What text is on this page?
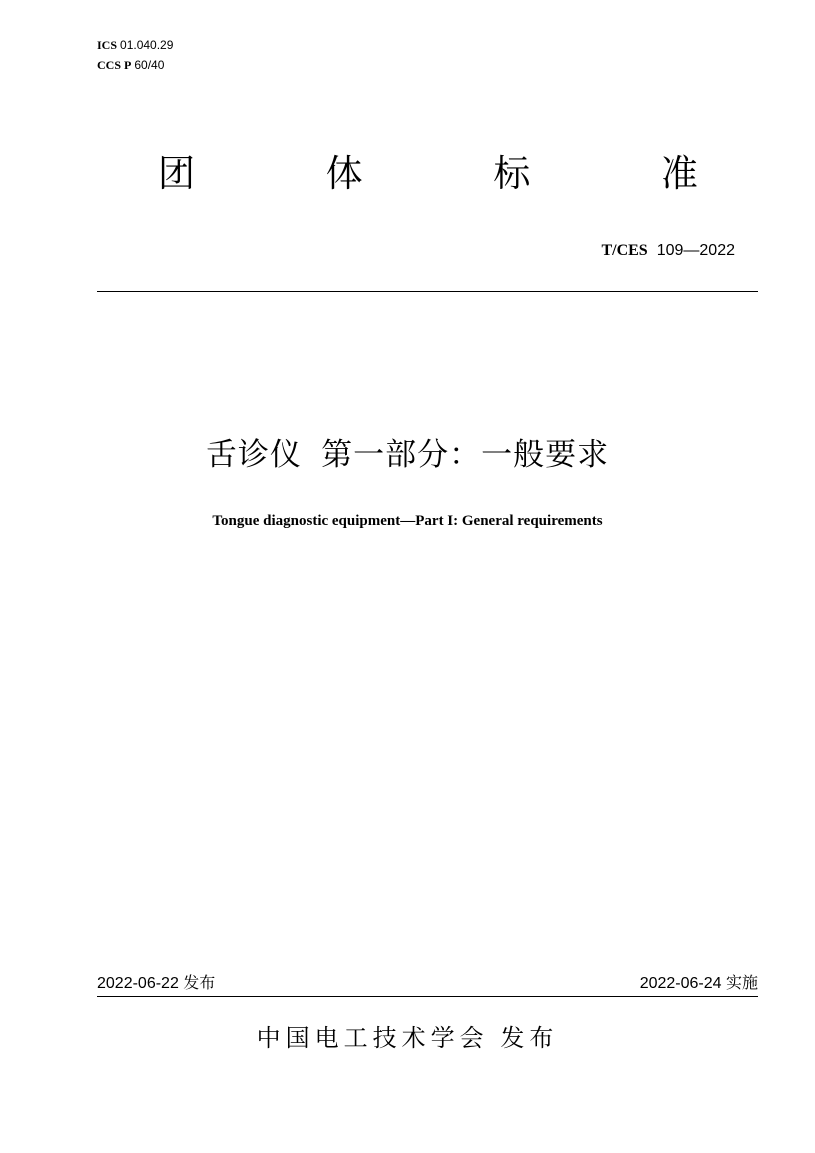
ICS 01.040.29
CCS P 60/40
团	体	标	准
T/CES 109—2022
舌诊仪  第一部分：一般要求
Tongue diagnostic equipment—Part I: General requirements
2022-06-22 发布	2022-06-24 实施
中国电工技术学会 发布
